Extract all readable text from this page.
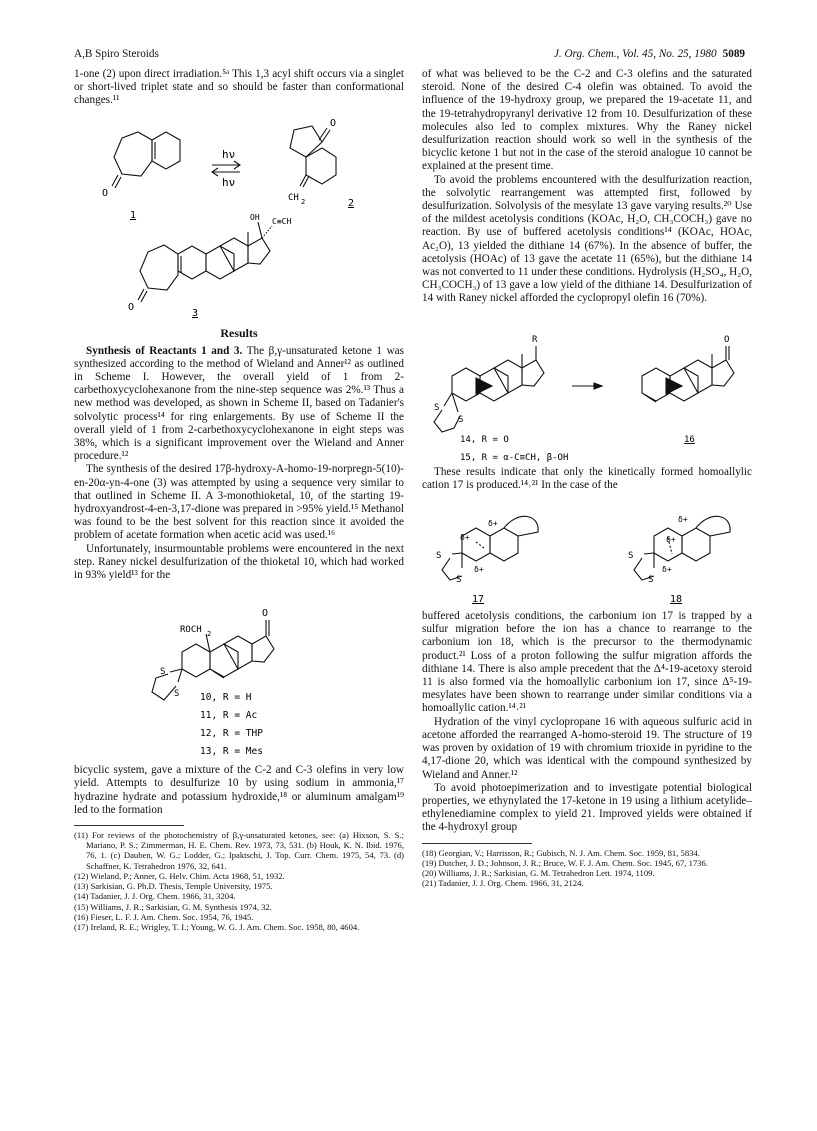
A,B Spiro Steroids	J. Org. Chem., Vol. 45, No. 25, 1980 5089

1-one (2) upon direct irradiation.⁵ᵃ This 1,3 acyl shift occurs via a singlet or short-lived triplet state and so should be faster than conformational changes.¹¹

O
hν
hν
1
O
CH 2	2
OH C≡CH
O
3
Results

Synthesis of Reactants 1 and 3. The β,γ-unsaturated ketone 1 was synthesized according to the method of Wieland and Anner¹² as outlined in Scheme I. However, the overall yield of 1 from 2-carbethoxycyclohexanone from the nine-step sequence was 2%.¹³ Thus a new method was developed, as shown in Scheme II, based on Tadanier's solvolytic process¹⁴ for ring enlargements. By use of Scheme II the overall yield of 1 from 2-carbethoxycyclohexanone in eight steps was 38%, which is a significant improvement over the Wieland and Anner procedure.¹²

The synthesis of the desired 17β-hydroxy-A-homo-19-norpregn-5(10)-en-20α-yn-4-one (3) was attempted by using a sequence very similar to that outlined in Scheme II. A 3-monothioketal, 10, of the starting 19-hydroxyandrost-4-en-3,17-dione was prepared in >95% yield.¹⁵ Methanol was found to be the best solvent for this reaction since it avoided the problem of acetate formation when acetic acid was used.¹⁶

Unfortunately, insurmountable problems were encountered in the next step. Raney nickel desulfurization of the thioketal 10, which had worked in 93% yield¹³ for the

O
ROCH 2
S
S 10, R = H
11, R = Ac
12, R = THP
13, R = Mes

bicyclic system, gave a mixture of the C-2 and C-3 olefins in very low yield. Attempts to desulfurize 10 by using sodium in ammonia,¹⁷ hydrazine hydrate and potassium hydroxide,¹⁸ or aluminum amalgam¹⁹ led to the formation

(11) For reviews of the photochemistry of β,γ-unsaturated ketones, see: (a) Hixson, S. S.; Mariano, P. S.; Zimmerman, H. E. Chem. Rev. 1973, 73, 531. (b) Houk, K. N. Ibid. 1976, 76, 1. (c) Dauben, W. G.; Lodder, G.; Ipaktschi, J. Top. Curr. Chem. 1975, 54, 73. (d) Schaffner, K. Tetrahedron 1976, 32, 641.

(12) Wieland, P.; Anner, G. Helv. Chim. Acta 1968, 51, 1932.

(13) Sarkisian, G. Ph.D. Thesis, Temple University, 1975.

(14) Tadanier, J. J. Org. Chem. 1966, 31, 3204.

(15) Williams, J. R.; Sarkisian, G. M. Synthesis 1974, 32.

(16) Fieser, L. F. J. Am. Chem. Soc. 1954, 76, 1945.

(17) Ireland, R. E.; Wrigley, T. I.; Young, W. G. J. Am. Chem. Soc. 1958, 80, 4604.

of what was believed to be the C-2 and C-3 olefins and the saturated steroid. None of the desired C-4 olefin was obtained. To avoid the influence of the 19-hydroxy group, we prepared the 19-acetate 11, and the 19-tetrahydropyranyl derivative 12 from 10. Desulfurization of these molecules also led to complex mixtures. Why the Raney nickel desulfurization reaction should work so well in the synthesis of the bicyclic ketone 1 but not in the case of the steroid analogue 10 cannot be explained at the present time.

To avoid the problems encountered with the desulfurization reaction, the solvolytic rearrangement was attempted first, followed by desulfurization. Solvolysis of the mesylate 13 gave varying results.²⁰ Use of the mildest acetolysis conditions (KOAc, H₂O, CH₃COCH₃) gave no reaction. By use of buffered acetolysis conditions¹⁴ (KOAc, HOAc, Ac₂O), 13 yielded the dithiane 14 (67%). In the absence of buffer, the acetolysis (HOAc) of 13 gave the acetate 11 (65%), but the dithiane 14 was not converted to 11 under these conditions. Hydrolysis (H₂SO₄, H₂O, CH₃COCH₃) of 13 gave a low yield of the dithiane 14. Desulfurization of 14 with Raney nickel afforded the cyclopropyl olefin 16 (70%).

R	O
S
S
14, R = O
15, R = α-C≡CH, β-OH
16

These results indicate that only the kinetically formed homoallylic cation 17 is produced.¹⁴˒²¹ In the case of the

δ+
δ+
δ+
S
S
δ+
δ+
δ+
S
S
17	18

buffered acetolysis conditions, the carbonium ion 17 is trapped by a sulfur migration before the ion has a chance to rearrange to the carbonium ion 18, which is the precursor to the thermodynamic product.²¹ Loss of a proton following the sulfur migration affords the dithiane 14. There is also ample precedent that the Δ⁴-19-acetoxy steroid 11 is also formed via the homoallylic carbonium ion 17, since Δ⁵-19-mesylates have been shown to rearrange under similar conditions via a homoallylic cation.¹⁴˒²¹

Hydration of the vinyl cyclopropane 16 with aqueous sulfuric acid in acetone afforded the rearranged A-homo-steroid 19. The structure of 19 was proven by oxidation of 19 with chromium trioxide in pyridine to the 4,17-dione 20, which was identical with the compound synthesized by Wieland and Anner.¹²

To avoid photoepimerization and to investigate potential biological properties, we ethynylated the 17-ketone in 19 using a lithium acetylide–ethylenediamine complex to yield 21. Improved yields were obtained if the 4-hydroxyl group

(18) Georgian, V.; Harrisson, R.; Gubisch, N. J. Am. Chem. Soc. 1959, 81, 5834.

(19) Dutcher, J. D.; Johnson, J. R.; Bruce, W. F. J. Am. Chem. Soc. 1945, 67, 1736.

(20) Williams, J. R.; Sarkisian, G. M. Tetrahedron Lett. 1974, 1109.

(21) Tadanier, J. J. Org. Chem. 1966, 31, 2124.
